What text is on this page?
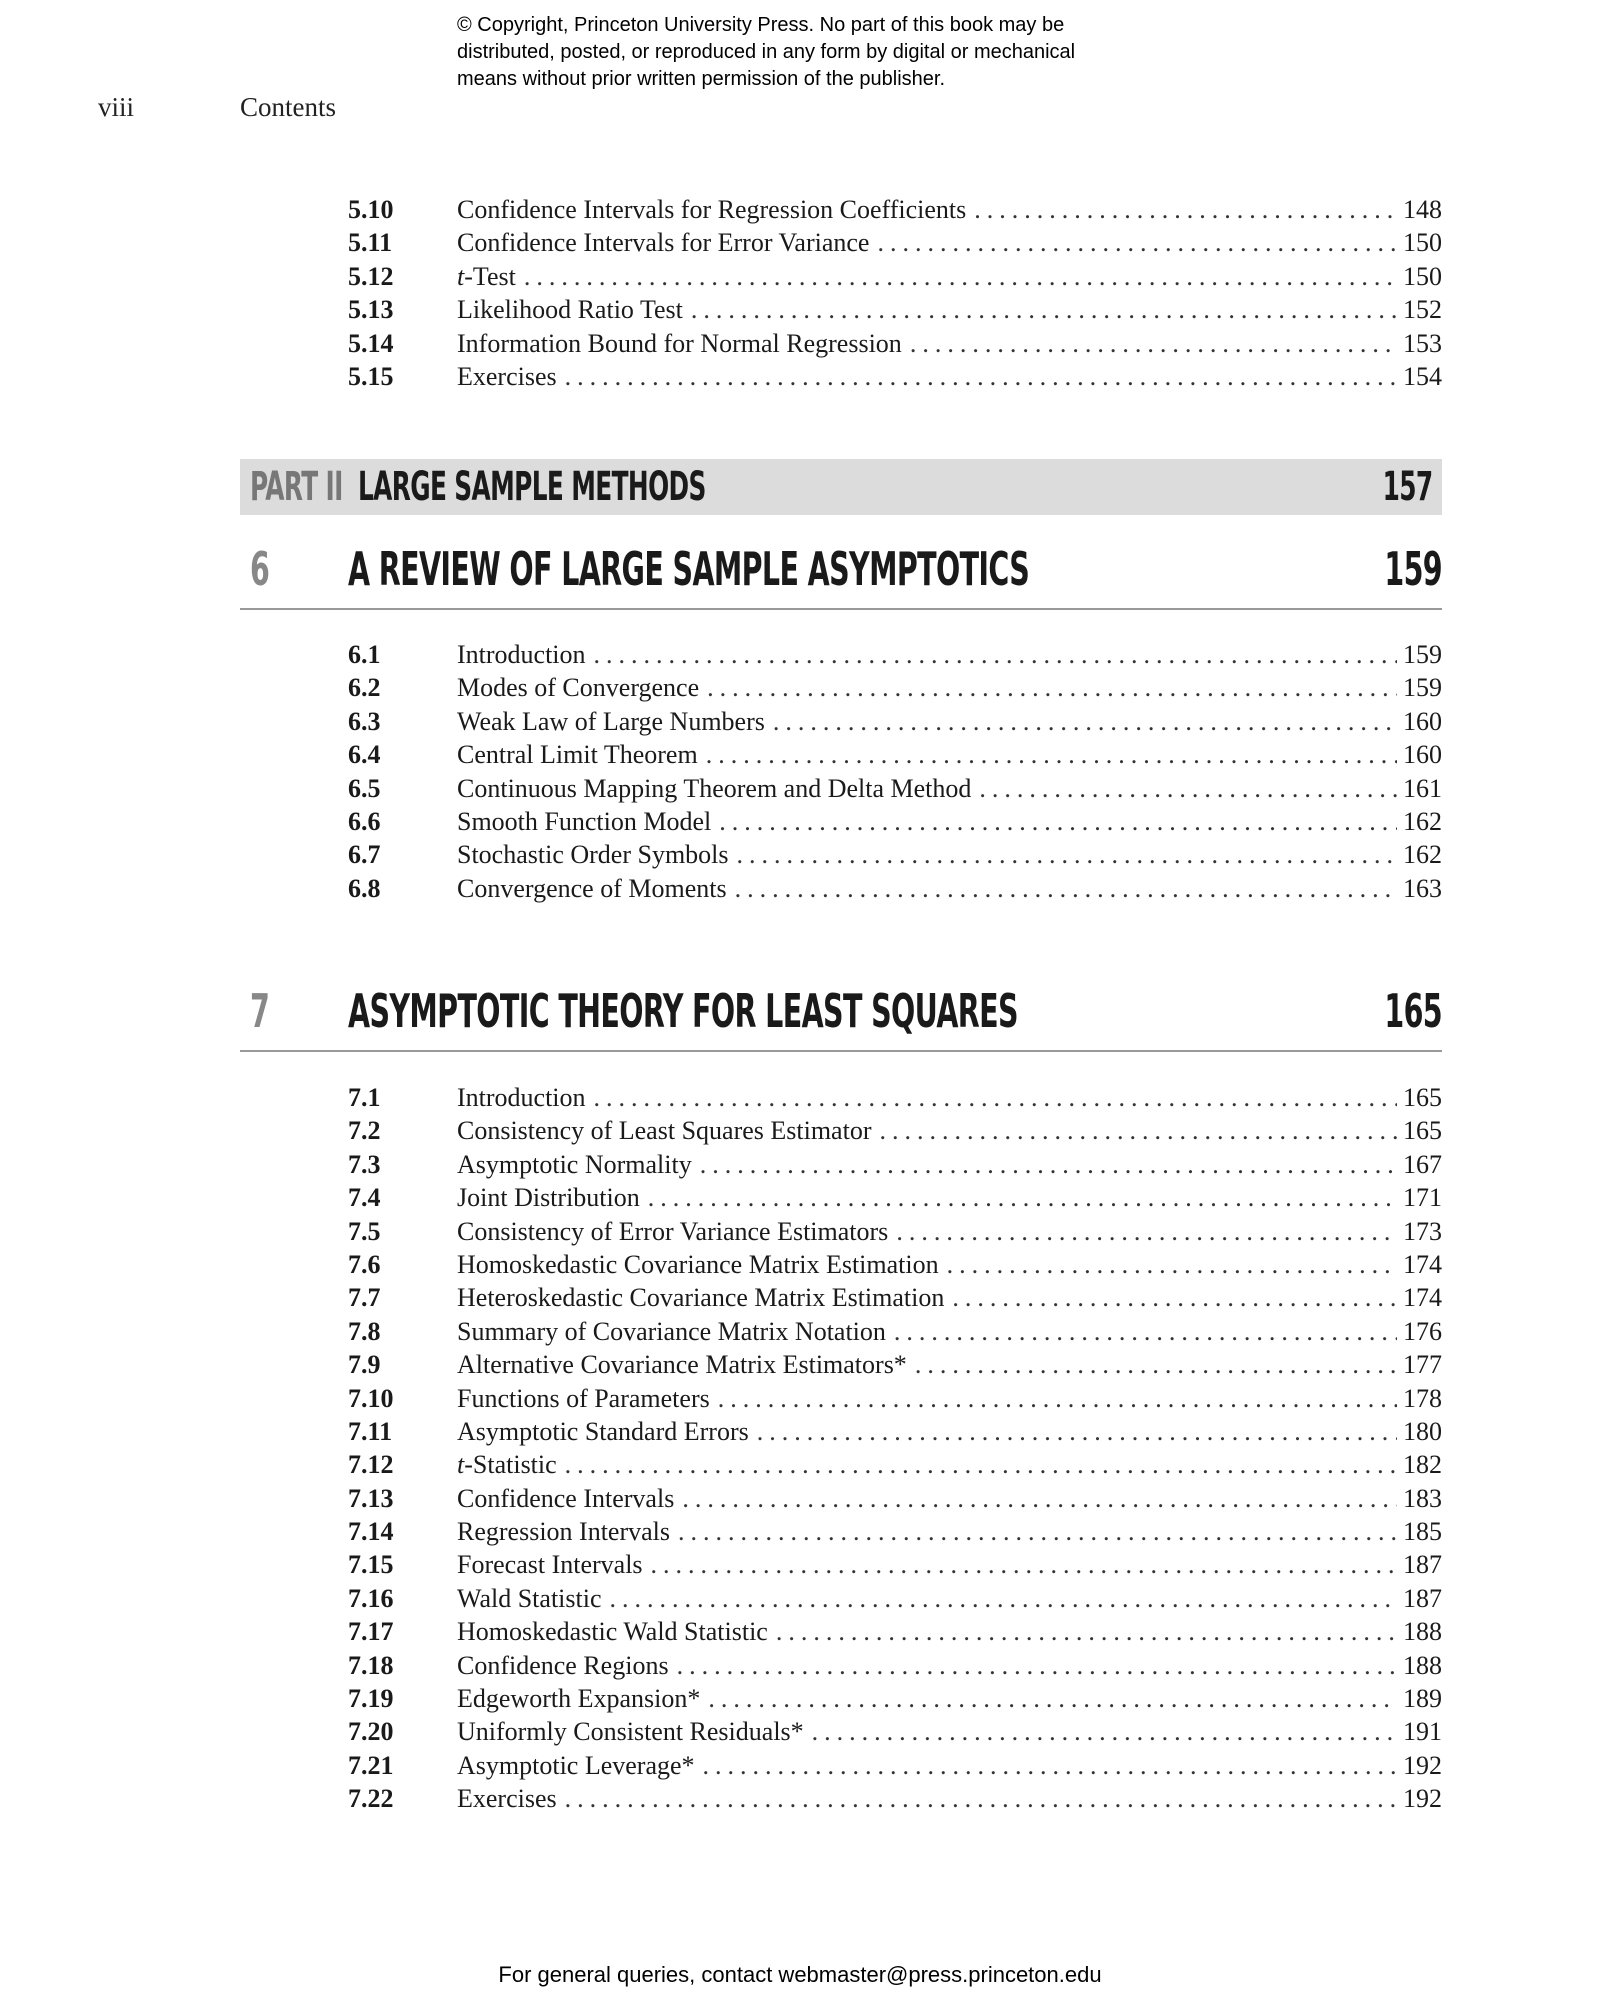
© Copyright, Princeton University Press. No part of this book may be
distributed, posted, or reproduced in any form by digital or mechanical
means without prior written permission of the publisher.
viii	Contents
5.10	Confidence Intervals for Regression Coefficients .....	148
5.11	Confidence Intervals for Error Variance .....	150
5.12	t-Test .....	150
5.13	Likelihood Ratio Test .....	152
5.14	Information Bound for Normal Regression .....	153
5.15	Exercises .....	154
PART II LARGE SAMPLE METHODS	157
6 A REVIEW OF LARGE SAMPLE ASYMPTOTICS	159
6.1	Introduction .....	159
6.2	Modes of Convergence .....	159
6.3	Weak Law of Large Numbers .....	160
6.4	Central Limit Theorem .....	160
6.5	Continuous Mapping Theorem and Delta Method .....	161
6.6	Smooth Function Model .....	162
6.7	Stochastic Order Symbols .....	162
6.8	Convergence of Moments .....	163
7 ASYMPTOTIC THEORY FOR LEAST SQUARES	165
7.1	Introduction .....	165
7.2	Consistency of Least Squares Estimator .....	165
7.3	Asymptotic Normality .....	167
7.4	Joint Distribution .....	171
7.5	Consistency of Error Variance Estimators .....	173
7.6	Homoskedastic Covariance Matrix Estimation .....	174
7.7	Heteroskedastic Covariance Matrix Estimation .....	174
7.8	Summary of Covariance Matrix Notation .....	176
7.9	Alternative Covariance Matrix Estimators* .....	177
7.10	Functions of Parameters .....	178
7.11	Asymptotic Standard Errors .....	180
7.12	t-Statistic .....	182
7.13	Confidence Intervals .....	183
7.14	Regression Intervals .....	185
7.15	Forecast Intervals .....	187
7.16	Wald Statistic .....	187
7.17	Homoskedastic Wald Statistic .....	188
7.18	Confidence Regions .....	188
7.19	Edgeworth Expansion* .....	189
7.20	Uniformly Consistent Residuals* .....	191
7.21	Asymptotic Leverage* .....	192
7.22	Exercises .....	192
For general queries, contact webmaster@press.princeton.edu
